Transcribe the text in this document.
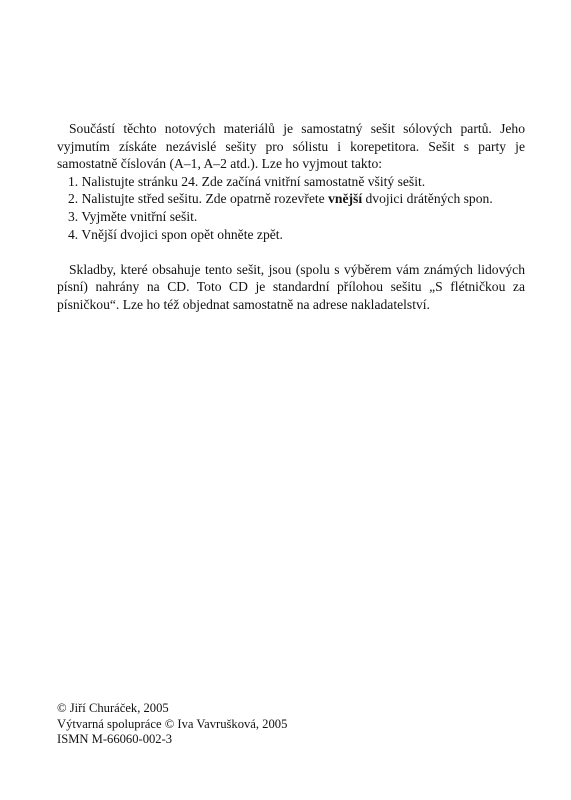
Součástí těchto notových materiálů je samostatný sešit sólových partů. Jeho vyjmutím získáte nezávislé sešity pro sólistu i korepetitora. Sešit s party je samostatně číslován (A–1, A–2 atd.). Lze ho vyjmout takto:

1. Nalistujte stránku 24. Zde začíná vnitřní samostatně všitý sešit.
2. Nalistujte střed sešitu. Zde opatrně rozevřete vnější dvojici drátěných spon.
3. Vyjměte vnitřní sešit.
4. Vnější dvojici spon opět ohněte zpět.

Skladby, které obsahuje tento sešit, jsou (spolu s výběrem vám známých lidových písní) nahrány na CD. Toto CD je standardní přílohou sešitu „S flétničkou za písničkou“. Lze ho též objednat samostatně na adrese nakladatelství.

© Jiří Churáček, 2005
Výtvarná spolupráce © Iva Vavrušková, 2005
ISMN M-66060-002-3
